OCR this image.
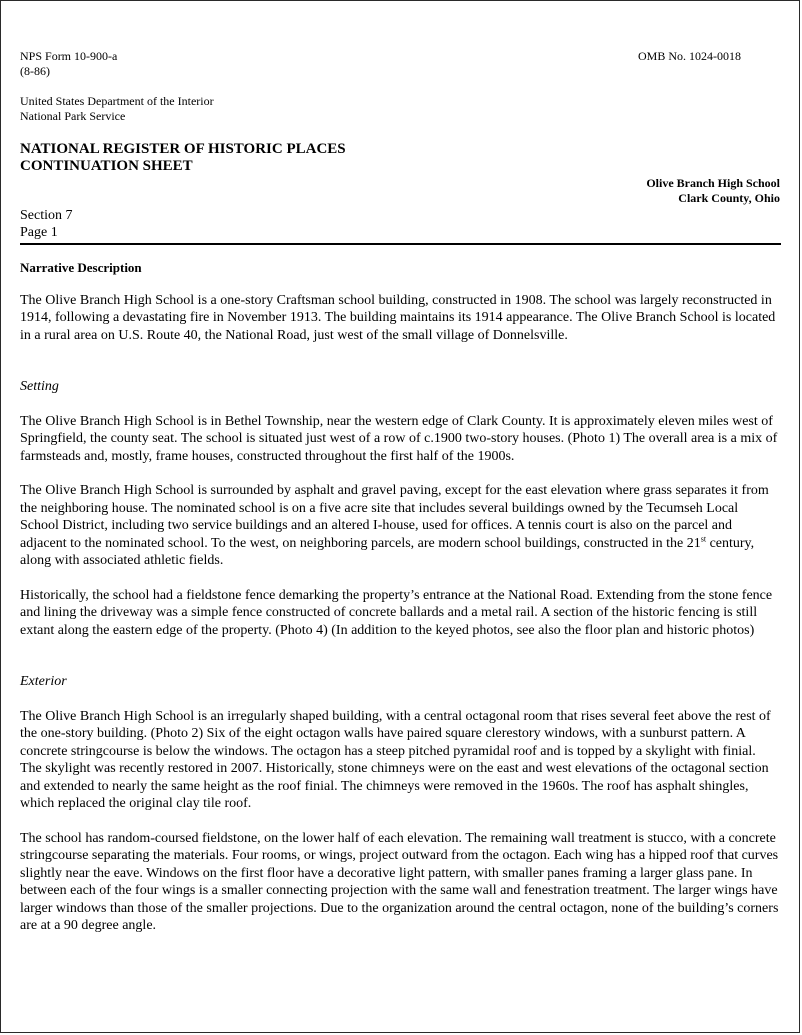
NPS Form 10-900-a
(8-86)
OMB No. 1024-0018
United States Department of the Interior
National Park Service
NATIONAL REGISTER OF HISTORIC PLACES
CONTINUATION SHEET
Olive Branch High School
Clark County, Ohio
Section 7
Page 1

Narrative Description

The Olive Branch High School is a one-story Craftsman school building, constructed in 1908. The school was largely reconstructed in 1914, following a devastating fire in November 1913. The building maintains its 1914 appearance. The Olive Branch School is located in a rural area on U.S. Route 40, the National Road, just west of the small village of Donnelsville.

Setting

The Olive Branch High School is in Bethel Township, near the western edge of Clark County. It is approximately eleven miles west of Springfield, the county seat. The school is situated just west of a row of c.1900 two-story houses. (Photo 1) The overall area is a mix of farmsteads and, mostly, frame houses, constructed throughout the first half of the 1900s.

The Olive Branch High School is surrounded by asphalt and gravel paving, except for the east elevation where grass separates it from the neighboring house. The nominated school is on a five acre site that includes several buildings owned by the Tecumseh Local School District, including two service buildings and an altered I-house, used for offices. A tennis court is also on the parcel and adjacent to the nominated school. To the west, on neighboring parcels, are modern school buildings, constructed in the 21st century, along with associated athletic fields.

Historically, the school had a fieldstone fence demarking the property’s entrance at the National Road. Extending from the stone fence and lining the driveway was a simple fence constructed of concrete ballards and a metal rail. A section of the historic fencing is still extant along the eastern edge of the property. (Photo 4) (In addition to the keyed photos, see also the floor plan and historic photos)

Exterior

The Olive Branch High School is an irregularly shaped building, with a central octagonal room that rises several feet above the rest of the one-story building. (Photo 2) Six of the eight octagon walls have paired square clerestory windows, with a sunburst pattern. A concrete stringcourse is below the windows. The octagon has a steep pitched pyramidal roof and is topped by a skylight with finial. The skylight was recently restored in 2007. Historically, stone chimneys were on the east and west elevations of the octagonal section and extended to nearly the same height as the roof finial. The chimneys were removed in the 1960s. The roof has asphalt shingles, which replaced the original clay tile roof.

The school has random-coursed fieldstone, on the lower half of each elevation. The remaining wall treatment is stucco, with a concrete stringcourse separating the materials. Four rooms, or wings, project outward from the octagon. Each wing has a hipped roof that curves slightly near the eave. Windows on the first floor have a decorative light pattern, with smaller panes framing a larger glass pane. In between each of the four wings is a smaller connecting projection with the same wall and fenestration treatment. The larger wings have larger windows than those of the smaller projections. Due to the organization around the central octagon, none of the building’s corners are at a 90 degree angle.
